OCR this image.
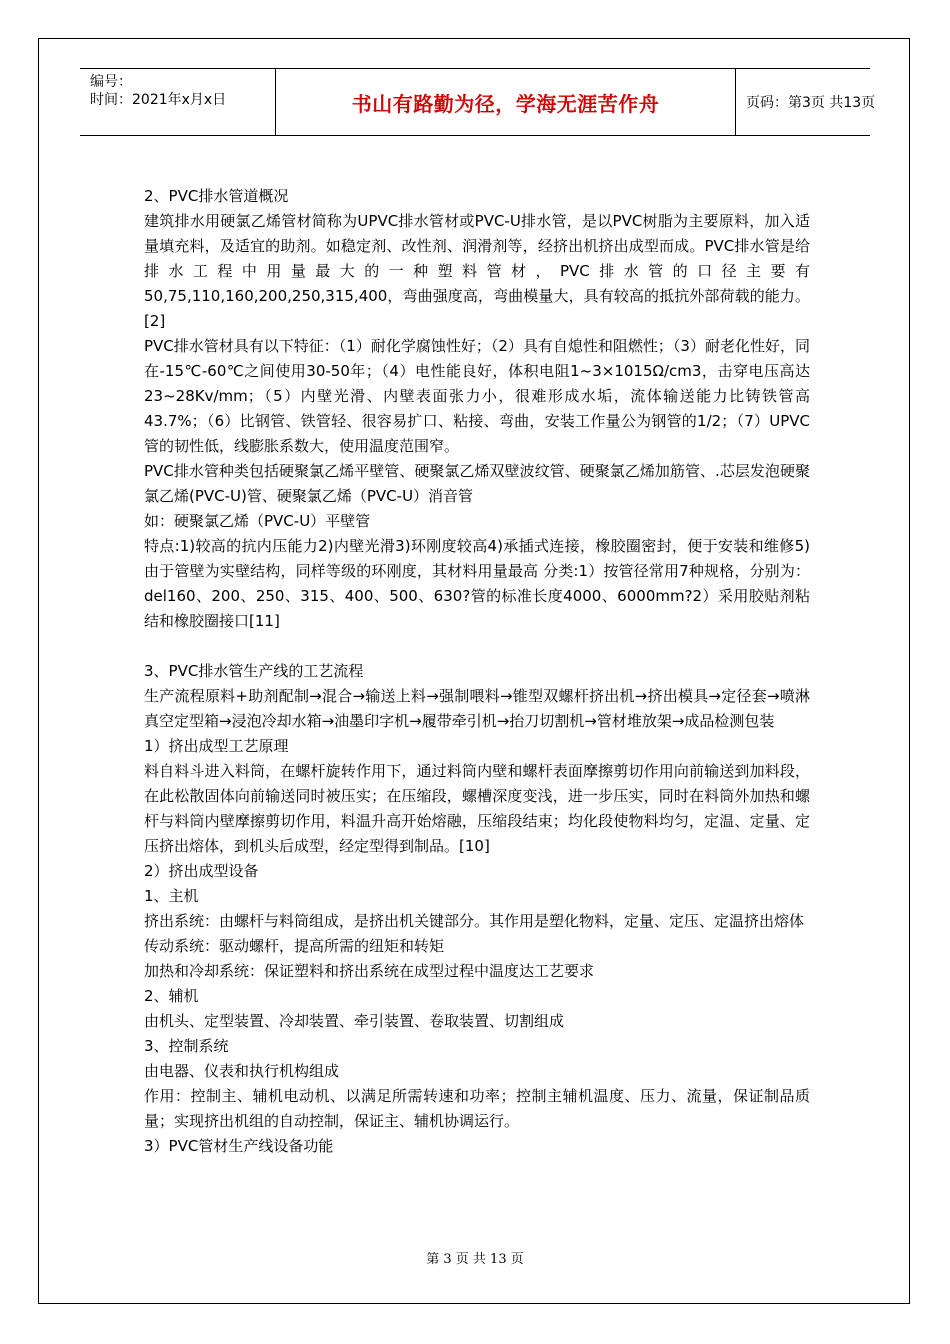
编号：
时间：2021年x月x日	书山有路勤为径，学海无涯苦作舟	页码：第3页 共13页

2、PVC排水管道概况

建筑排水用硬氯乙烯管材简称为UPVC排水管材或PVC-U排水管，是以PVC树脂为主要原料，加入适量填充料，及适宜的助剂。如稳定剂、改性剂、润滑剂等，经挤出机挤出成型而成。PVC排水管是给排水工程中用量最大的一种塑料管材，PVC排水管的口径主要有50,75,110,160,200,250,315,400，弯曲强度高，弯曲模量大，具有较高的抵抗外部荷载的能力。[2]

PVC排水管材具有以下特征：（1）耐化学腐蚀性好；（2）具有自熄性和阻燃性；（3）耐老化性好，同在-15℃-60℃之间使用30-50年；（4）电性能良好，体积电阻1~3×1015Ω/cm3，击穿电压高达23~28Kv/mm；（5）内壁光滑、内壁表面张力小，很难形成水垢，流体输送能力比铸铁管高43.7%；（6）比钢管、铁管轻、很容易扩口、粘接、弯曲，安装工作量公为钢管的1/2；（7）UPVC管的韧性低，线膨胀系数大，使用温度范围窄。

PVC排水管种类包括硬聚氯乙烯平壁管、硬聚氯乙烯双壁波纹管、硬聚氯乙烯加筋管、.芯层发泡硬聚氯乙烯(PVC-U)管、硬聚氯乙烯（PVC-U）消音管

如：硬聚氯乙烯（PVC-U）平壁管

特点:1)较高的抗内压能力2)内壁光滑3)环刚度较高4)承插式连接，橡胶圈密封，便于安装和维修5)由于管壁为实壁结构，同样等级的环刚度，其材料用量最高 分类:1）按管径常用7种规格，分别为：del160、200、250、315、400、500、630?管的标准长度4000、6000mm?2）采用胶贴剂粘结和橡胶圈接口[11]

3、PVC排水管生产线的工艺流程

生产流程原料+助剂配制→混合→输送上料→强制喂料→锥型双螺杆挤出机→挤出模具→定径套→喷淋真空定型箱→浸泡冷却水箱→油墨印字机→履带牵引机→抬刀切割机→管材堆放架→成品检测包装

1）挤出成型工艺原理

料自料斗进入料筒，在螺杆旋转作用下，通过料筒内壁和螺杆表面摩擦剪切作用向前输送到加料段，在此松散固体向前输送同时被压实；在压缩段，螺槽深度变浅，进一步压实，同时在料筒外加热和螺杆与料筒内壁摩擦剪切作用，料温升高开始熔融，压缩段结束；均化段使物料均匀，定温、定量、定压挤出熔体，到机头后成型，经定型得到制品。[10]

2）挤出成型设备

1、主机

挤出系统：由螺杆与料筒组成，是挤出机关键部分。其作用是塑化物料，定量、定压、定温挤出熔体

传动系统：驱动螺杆，提高所需的纽矩和转矩

加热和冷却系统：保证塑料和挤出系统在成型过程中温度达工艺要求

2、辅机

由机头、定型装置、冷却装置、牵引装置、卷取装置、切割组成

3、控制系统

由电器、仪表和执行机构组成

作用：控制主、辅机电动机、以满足所需转速和功率；控制主辅机温度、压力、流量，保证制品质量；实现挤出机组的自动控制，保证主、辅机协调运行。

3）PVC管材生产线设备功能

第 3 页 共 13 页
